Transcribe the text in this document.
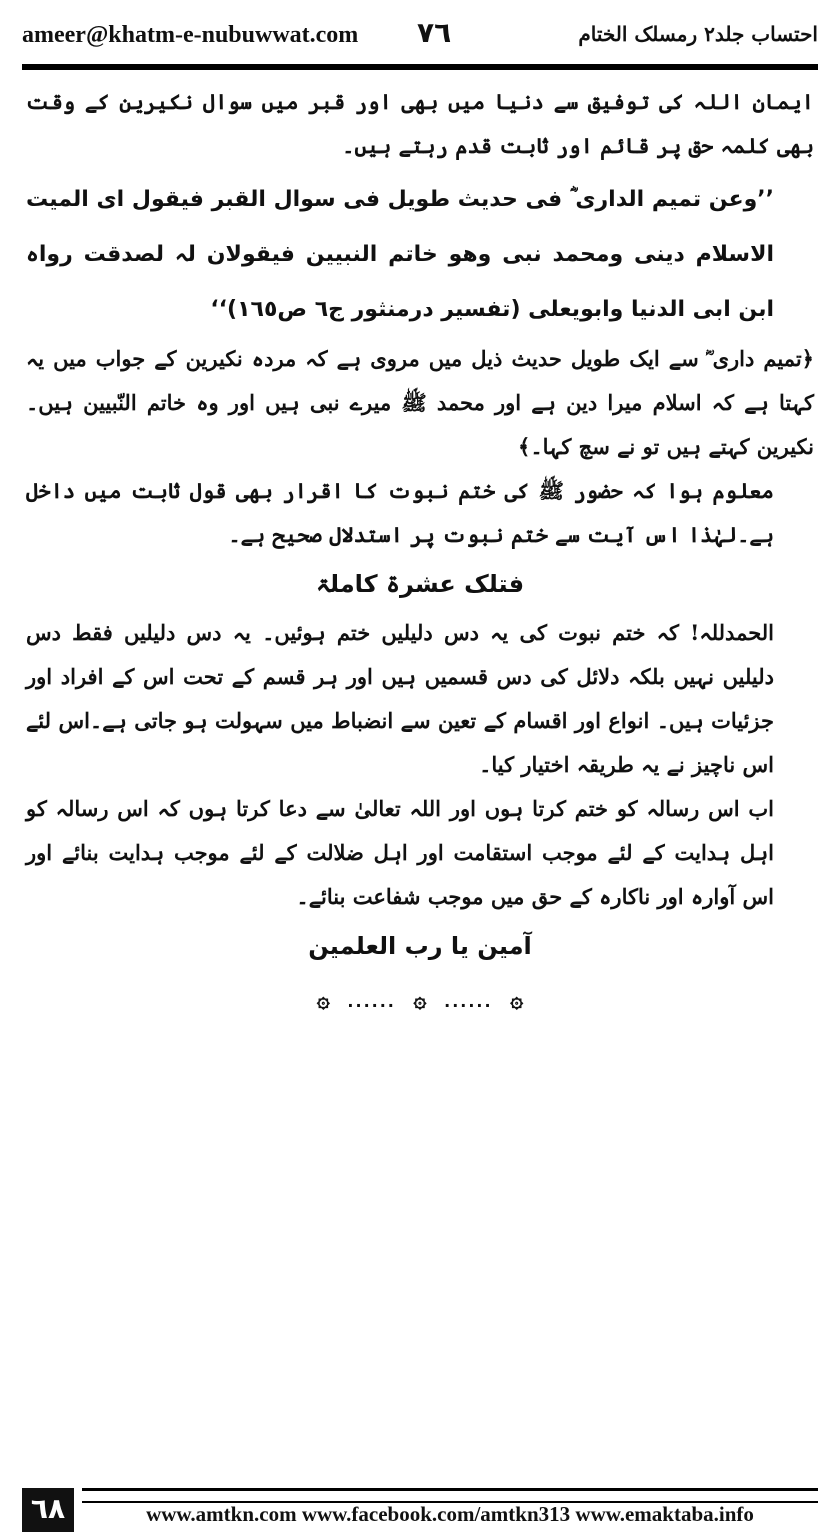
ameer@khatm-e-nubuwwat.com ۷٦	احتساب جلد۲ رمسلک الختام

ایمان اللہ کی توفیق سے دنیا میں بھی اور قبر میں سوال نکیرین کے وقت بھی کلمہ حق پر قائم اور ثابت قدم رہتے ہیں۔

’’وعن تمیم الداری ؓ فی حدیث طویل فی سوال القبر فیقول ای المیت الاسلام دینی ومحمد نبی وھو خاتم النبیین فیقولان لہ لصدقت رواہ ابن ابی الدنیا وابویعلی (تفسیر درمنثور ج٦ ص١٦٥)‘‘

﴿تمیم داری ؓ سے ایک طویل حدیث ذیل میں مروی ہے کہ مردہ نکیرین کے جواب میں یہ کہتا ہے کہ اسلام میرا دین ہے اور محمد ﷺ میرے نبی ہیں اور وہ خاتم النّبیین ہیں۔نکیرین کہتے ہیں تو نے سچ کہا۔﴾

معلوم ہوا کہ حضور ﷺ کی ختم نبوت کا اقرار بھی قول ثابت میں داخل ہے۔لہٰذا اس آیت سے ختم نبوت پر استدلال صحیح ہے۔

فتلک عشرۃ کاملۃ

الحمدللہ! کہ ختم نبوت کی یہ دس دلیلیں ختم ہوئیں۔ یہ دس دلیلیں فقط دس دلیلیں نہیں بلکہ دلائل کی دس قسمیں ہیں اور ہر قسم کے تحت اس کے افراد اور جزئیات ہیں۔ انواع اور اقسام کے تعین سے انضباط میں سہولت ہو جاتی ہے۔اس لئے اس ناچیز نے یہ طریقہ اختیار کیا۔

اب اس رسالہ کو ختم کرتا ہوں اور اللہ تعالیٰ سے دعا کرتا ہوں کہ اس رسالہ کو اہل ہدایت کے لئے موجب استقامت اور اہل ضلالت کے لئے موجب ہدایت بنائے اور اس آوارہ اور ناکارہ کے حق میں موجب شفاعت بنائے۔

آمین یا رب العلمین

۞ ...... ۞ ...... ۞
٦٨	www.amtkn.com www.facebook.com/amtkn313 www.emaktaba.info
